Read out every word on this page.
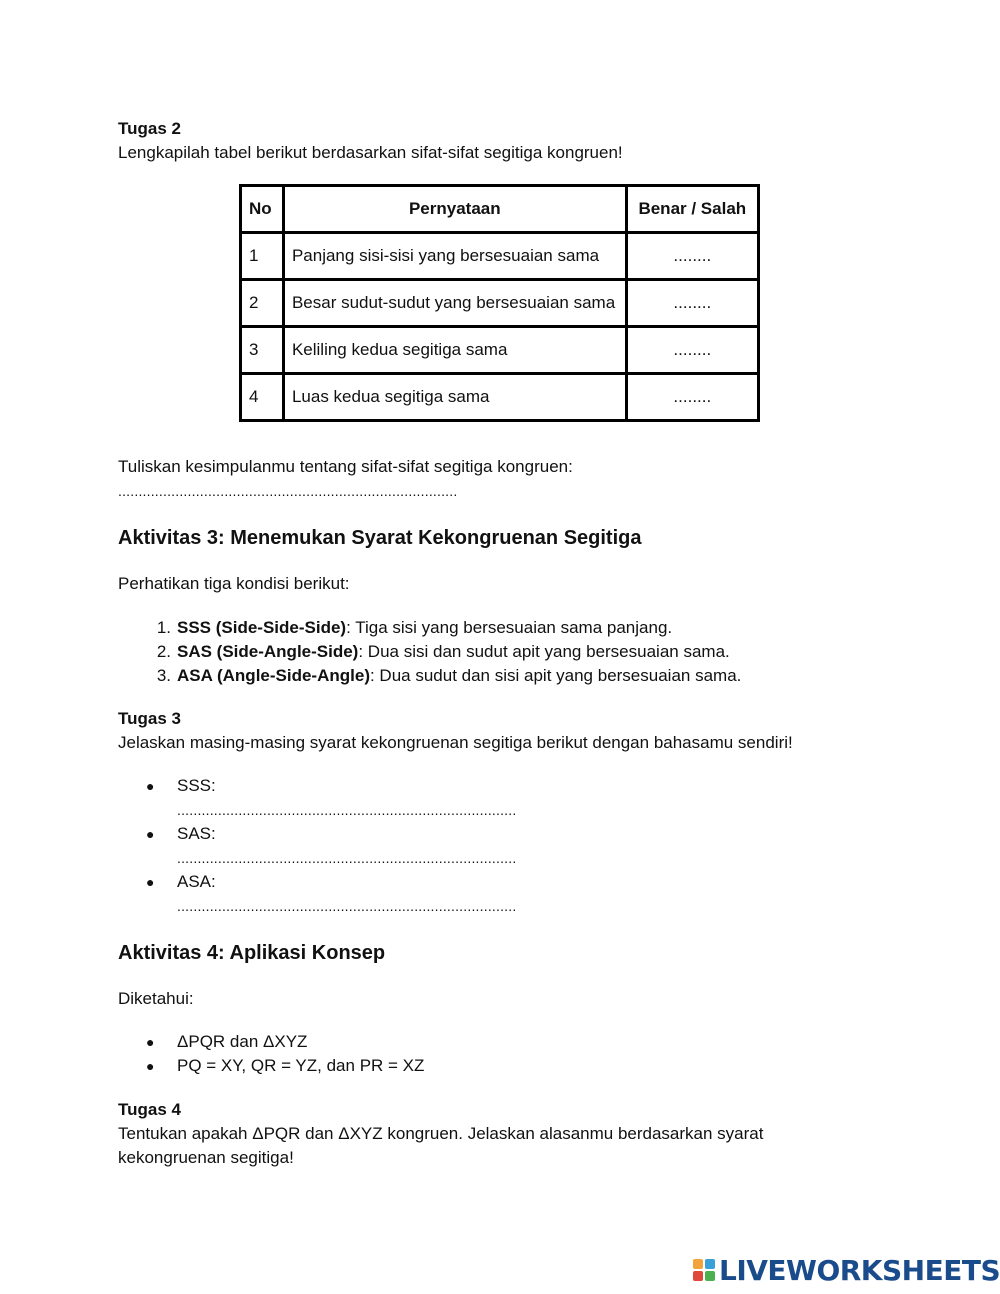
Tugas 2

Lengkapilah tabel berikut berdasarkan sifat-sifat segitiga kongruen!

No	Pernyataan	Benar / Salah
1	Panjang sisi-sisi yang bersesuaian sama	........
2	Besar sudut-sudut yang bersesuaian sama	........
3	Keliling kedua segitiga sama	........
4	Luas kedua segitiga sama	........

Tuliskan kesimpulanmu tentang sifat-sifat segitiga kongruen:

...................................................................................

Aktivitas 3: Menemukan Syarat Kekongruenan Segitiga

Perhatikan tiga kondisi berikut:

1. SSS (Side-Side-Side): Tiga sisi yang bersesuaian sama panjang.
2. SAS (Side-Angle-Side): Dua sisi dan sudut apit yang bersesuaian sama.
3. ASA (Angle-Side-Angle): Dua sudut dan sisi apit yang bersesuaian sama.

Tugas 3

Jelaskan masing-masing syarat kekongruenan segitiga berikut dengan bahasamu sendiri!

● SSS:
...................................................................................
● SAS:
...................................................................................
● ASA:
...................................................................................
Aktivitas 4: Aplikasi Konsep

Diketahui:

● ΔPQR dan ΔXYZ
● PQ = XY, QR = YZ, dan PR = XZ

Tugas 4

Tentukan apakah ΔPQR dan ΔXYZ kongruen. Jelaskan alasanmu berdasarkan syarat

kekongruenan segitiga!

LIVEWORKSHEETS
